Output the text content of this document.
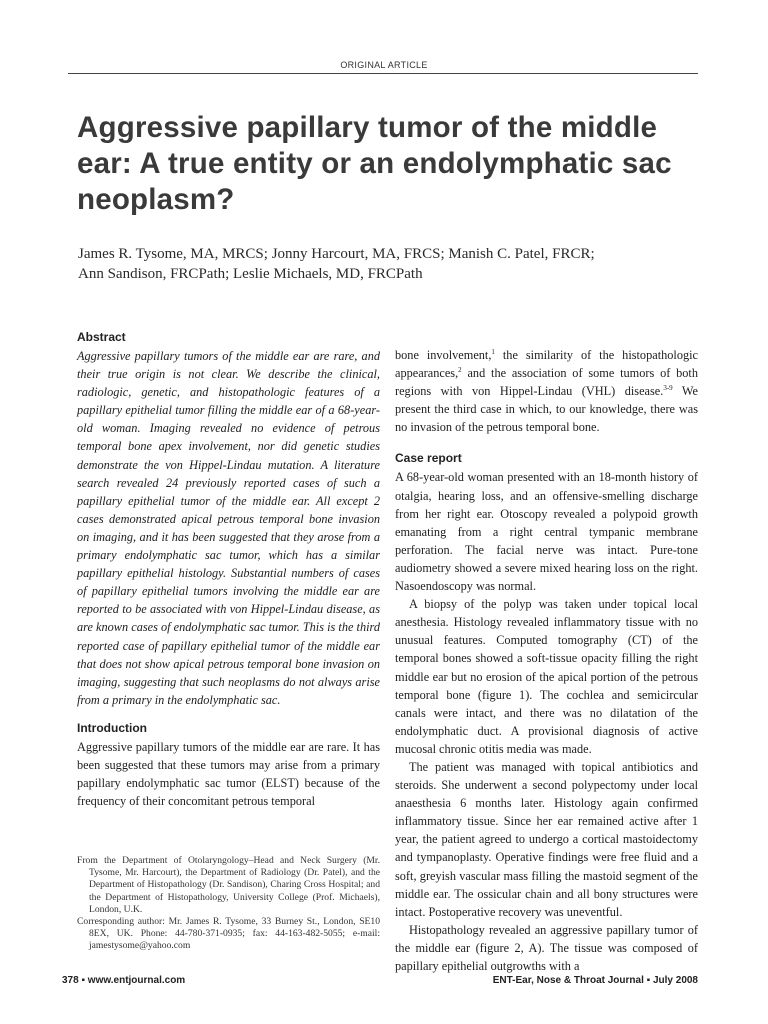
ORIGINAL ARTICLE
Aggressive papillary tumor of the middle ear: A true entity or an endolymphatic sac neoplasm?
James R. Tysome, MA, MRCS; Jonny Harcourt, MA, FRCS; Manish C. Patel, FRCR;
Ann Sandison, FRCPath; Leslie Michaels, MD, FRCPath
Abstract

Aggressive papillary tumors of the middle ear are rare, and their true origin is not clear. We describe the clinical, radiologic, genetic, and histopathologic features of a papillary epithelial tumor filling the middle ear of a 68-year-old woman. Imaging revealed no evidence of petrous temporal bone apex involvement, nor did genetic studies demonstrate the von Hippel-Lindau mutation. A literature search revealed 24 previously reported cases of such a papillary epithelial tumor of the middle ear. All except 2 cases demonstrated apical petrous temporal bone invasion on imaging, and it has been suggested that they arose from a primary endolymphatic sac tumor, which has a similar papillary epithelial histology. Substantial numbers of cases of papillary epithelial tumors involving the middle ear are reported to be associated with von Hippel-Lindau disease, as are known cases of endolymphatic sac tumor. This is the third reported case of papillary epithelial tumor of the middle ear that does not show apical petrous temporal bone invasion on imaging, suggesting that such neoplasms do not always arise from a primary in the endolymphatic sac.

Introduction

Aggressive papillary tumors of the middle ear are rare. It has been suggested that these tumors may arise from a primary papillary endolymphatic sac tumor (ELST) because of the frequency of their concomitant petrous temporal

bone involvement,$^1$ the similarity of the histopathologic appearances,$^2$ and the association of some tumors of both regions with von Hippel-Lindau (VHL) disease.$^{3-9}$ We present the third case in which, to our knowledge, there was no invasion of the petrous temporal bone.

Case report

A 68-year-old woman presented with an 18-month history of otalgia, hearing loss, and an offensive-smelling discharge from her right ear. Otoscopy revealed a polypoid growth emanating from a right central tympanic membrane perforation. The facial nerve was intact. Pure-tone audiometry showed a severe mixed hearing loss on the right. Nasoendoscopy was normal.

A biopsy of the polyp was taken under topical local anesthesia. Histology revealed inflammatory tissue with no unusual features. Computed tomography (CT) of the temporal bones showed a soft-tissue opacity filling the right middle ear but no erosion of the apical portion of the petrous temporal bone (figure 1). The cochlea and semicircular canals were intact, and there was no dilatation of the endolymphatic duct. A provisional diagnosis of active mucosal chronic otitis media was made.

The patient was managed with topical antibiotics and steroids. She underwent a second polypectomy under local anaesthesia 6 months later. Histology again confirmed inflammatory tissue. Since her ear remained active after 1 year, the patient agreed to undergo a cortical mastoidectomy and tympanoplasty. Operative findings were free fluid and a soft, greyish vascular mass filling the mastoid segment of the middle ear. The ossicular chain and all bony structures were intact. Postoperative recovery was uneventful.

Histopathology revealed an aggressive papillary tumor of the middle ear (figure 2, A). The tissue was composed of papillary epithelial outgrowths with a

From the Department of Otolaryngology–Head and Neck Surgery (Mr. Tysome, Mr. Harcourt), the Department of Radiology (Dr. Patel), and the Department of Histopathology (Dr. Sandison), Charing Cross Hospital; and the Department of Histopathology, University College (Prof. Michaels), London, U.K.

Corresponding author: Mr. James R. Tysome, 33 Burney St., London, SE10 8EX, UK. Phone: 44-780-371-0935; fax: 44-163-482-5055; e-mail: jamestysome@yahoo.com

378 ▪ www.entjournal.com	ENT-Ear, Nose & Throat Journal ▪ July 2008
